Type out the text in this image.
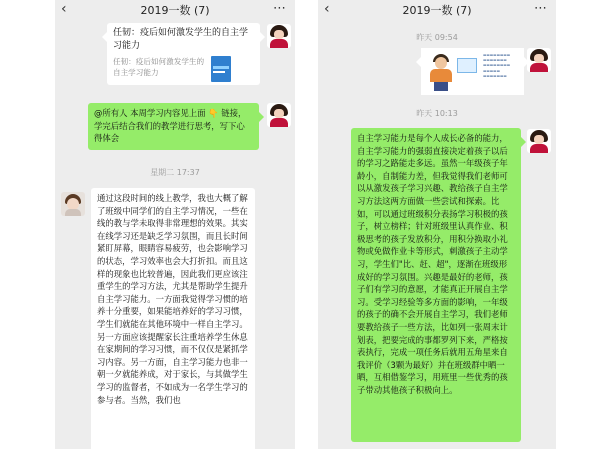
‹	2019一数 (7)	⋯
任韧：疫后如何激发学生的自主学习能力
任韧：疫后如何激发学生的自主学习能力
@所有人 本周学习内容见上面 👇 链接，学完后结合我们的教学进行思考，写下心得体会
星期二 17:37
通过这段时间的线上教学，我也大概了解了班级中同学们的自主学习情况，一些在线的教与学未取得非常理想的效果。其实在线学习还是缺乏学习氛围，而且长时间紧盯屏幕，眼睛容易疲劳，也会影响学习的状态，学习效率也会大打折扣。而且这样的现象也比较普遍，因此我们更应该注重学生的学习方法，尤其是帮助学生提升自主学习能力。一方面我觉得学习惯的培养十分重要，如果能培养好的学习习惯，学生们就能在其他环境中一样自主学习。另一方面应该提醒家长注重培养学生休息在家期间的学习习惯，而不仅仅是紧抓学习内容。另一方面，自主学习能力也非一朝一夕就能养成，对于家长，与其做学生学习的监督者，不如成为一名学生学习的参与者。当然，我们也
‹	2019一数 (7)	⋯
昨天 09:54
▬▬▬▬▬▬▬▬
▬▬▬▬▬▬▬
▬▬▬▬▬▬▬▬
▬▬▬▬▬
▬▬▬▬▬▬▬
昨天 10:13
自主学习能力是每个人成长必备的能力，自主学习能力的强弱直接决定着孩子以后的学习之路能走多远。虽然一年级孩子年龄小，自制能力差，但我觉得我们老师可以从激发孩子学习兴趣、教给孩子自主学习方法这两方面做一些尝试和探索。比如，可以通过班级积分表扬学习积极的孩子，树立榜样；针对班级里认真作业、积极思考的孩子发放积分，用积分换取小礼物或免做作业卡等形式，刺激孩子主动学习，学生们"比、赶、超"，逐渐在班级形成好的学习氛围。兴趣是最好的老师，孩子们有学习的意愿，才能真正开展自主学习。受学习经验等多方面的影响，一年级的孩子的确不会开展自主学习，我们老师要教给孩子一些方法，比如列一张周末计划表，把要完成的事都罗列下来，严格按表执行，完成一项任务后就用五角星来自我评价（3颗为最好）并在班级群中晒一晒，互相借鉴学习，用班里一些优秀的孩子带动其他孩子积极向上。
